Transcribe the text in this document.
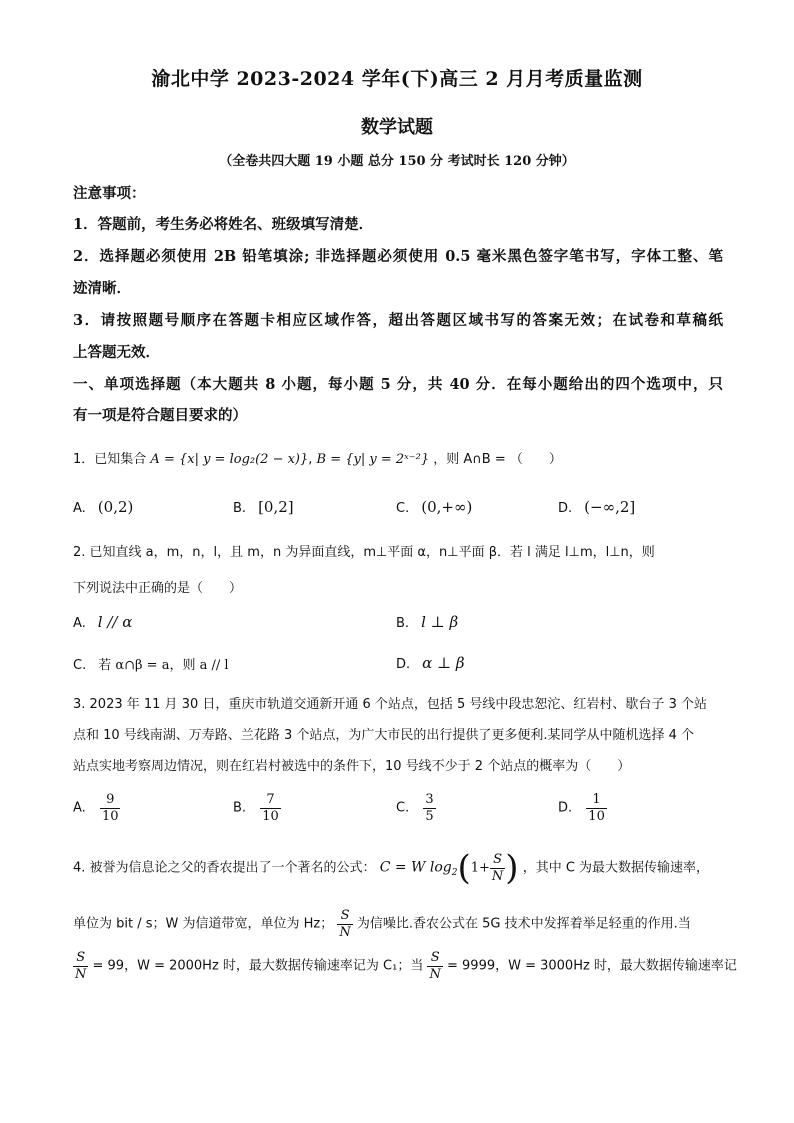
渝北中学 2023-2024 学年(下)高三 2 月月考质量监测
数学试题
（全卷共四大题 19 小题 总分 150 分 考试时长 120 分钟）
注意事项：
1．答题前，考生务必将姓名、班级填写清楚．
2．选择题必须使用 2B 铅笔填涂; 非选择题必须使用 0.5 毫米黑色签字笔书写，字体工整、笔
迹清晰．
3．请按照题号顺序在答题卡相应区域作答，超出答题区域书写的答案无效；在试卷和草稿纸
上答题无效．
一、单项选择题（本大题共 8 小题，每小题 5 分，共 40 分．在每小题给出的四个选项中，只
有一项是符合题目要求的）
1．已知集合 A = {x| y = log₂(2 − x)}, B = {y| y = 2ˣ⁻²} ，则 A∩B = （　　）
A. (0,2)	B. [0,2]	C. (0,+∞)	D. (−∞,2]
2. 已知直线 a，m，n，l，且 m，n 为异面直线，m⊥平面 α，n⊥平面 β．若 l 满足 l⊥m，l⊥n，则
下列说法中正确的是（　　）
A. l // α	B. l ⊥ β
C. 若 α∩β = a，则 a // l	D. α ⊥ β
3. 2023 年 11 月 30 日，重庆市轨道交通新开通 6 个站点，包括 5 号线中段忠恕沱、红岩村、歇台子 3 个站
点和 10 号线南湖、万寿路、兰花路 3 个站点，为广大市民的出行提供了更多便利.某同学从中随机选择 4 个
站点实地考察周边情况，则在红岩村被选中的条件下，10 号线不少于 2 个站点的概率为（　　）
A. $\frac{9}{10}$	B. $\frac{7}{10}$	C. $\frac{3}{5}$	D. $\frac{1}{10}$
4. 被誉为信息论之父的香农提出了一个著名的公式： C = W $\log_2(1+ \frac{S}{N}$ ) ，其中 C 为最大数据传输速率，
单位为 bit / s；W 为信道带宽，单位为 Hz； $\frac{S}{N}$ 为信噪比.香农公式在 5G 技术中发挥着举足轻重的作用.当
$\frac{S}{N} = 99$，W = 2000Hz 时，最大数据传输速率记为 C₁；当 $\frac{S}{N} = 9999$，W = 3000Hz 时，最大数据传输速率记
